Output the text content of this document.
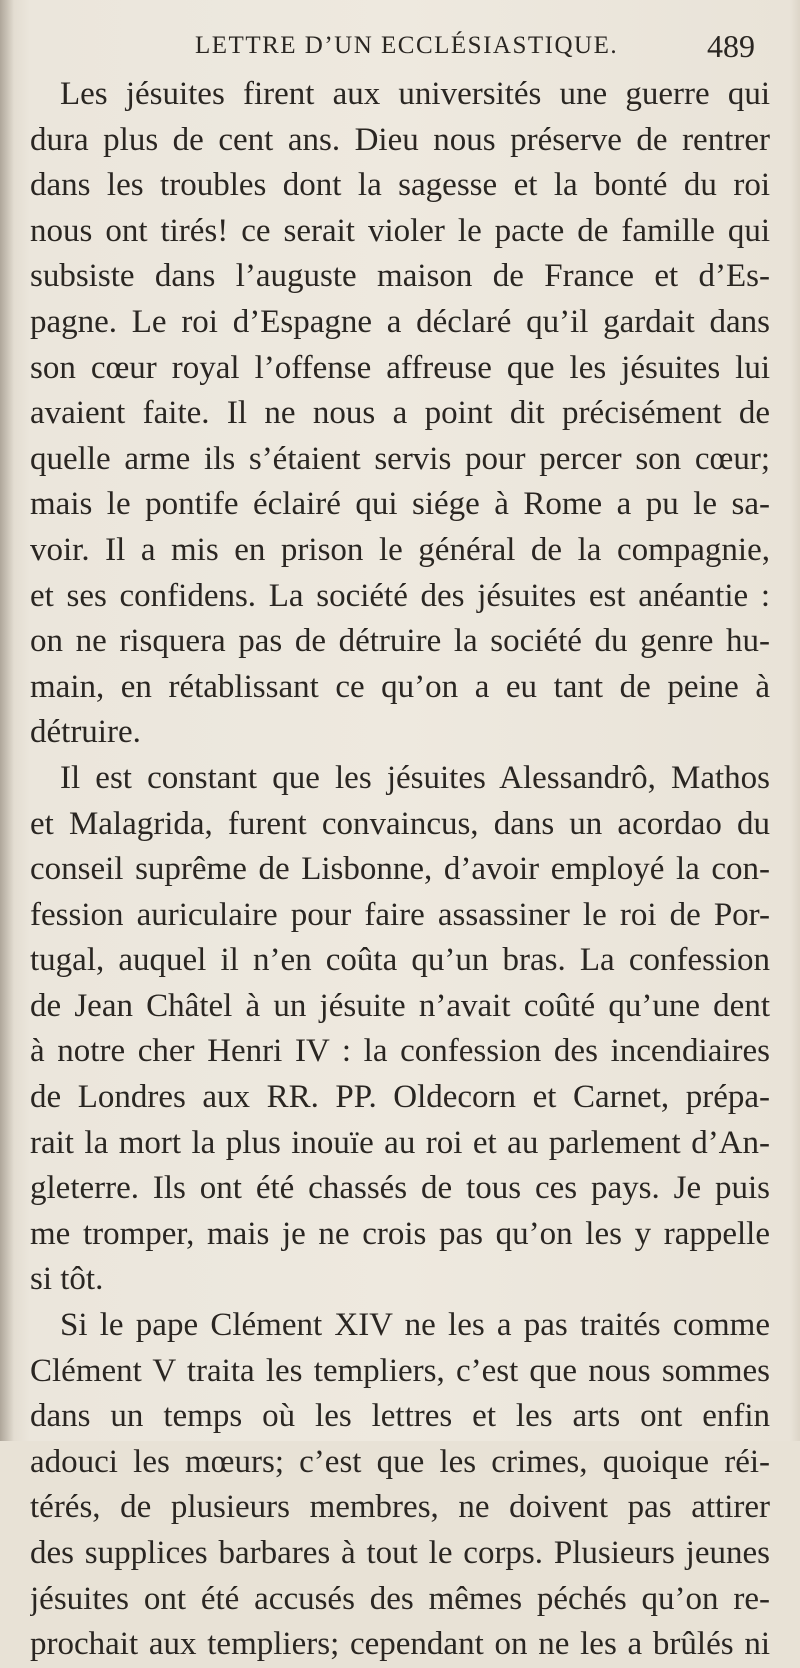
LETTRE D’UN ECCLÉSIASTIQUE.	489
Les jésuites firent aux universités une guerre qui
dura plus de cent ans. Dieu nous préserve de rentrer
dans les troubles dont la sagesse et la bonté du roi
nous ont tirés! ce serait violer le pacte de famille qui
subsiste dans l’auguste maison de France et d’Es-
pagne. Le roi d’Espagne a déclaré qu’il gardait dans
son cœur royal l’offense affreuse que les jésuites lui
avaient faite. Il ne nous a point dit précisément de
quelle arme ils s’étaient servis pour percer son cœur;
mais le pontife éclairé qui siége à Rome a pu le sa-
voir. Il a mis en prison le général de la compagnie,
et ses confidens. La société des jésuites est anéantie :
on ne risquera pas de détruire la société du genre hu-
main, en rétablissant ce qu’on a eu tant de peine à
détruire.
Il est constant que les jésuites Alessandrô, Mathos
et Malagrida, furent convaincus, dans un acordao du
conseil suprême de Lisbonne, d’avoir employé la con-
fession auriculaire pour faire assassiner le roi de Por-
tugal, auquel il n’en coûta qu’un bras. La confession
de Jean Châtel à un jésuite n’avait coûté qu’une dent
à notre cher Henri IV : la confession des incendiaires
de Londres aux RR. PP. Oldecorn et Carnet, prépa-
rait la mort la plus inouïe au roi et au parlement d’An-
gleterre. Ils ont été chassés de tous ces pays. Je puis
me tromper, mais je ne crois pas qu’on les y rappelle
si tôt.
Si le pape Clément XIV ne les a pas traités comme
Clément V traita les templiers, c’est que nous sommes
dans un temps où les lettres et les arts ont enfin
adouci les mœurs; c’est que les crimes, quoique réi-
térés, de plusieurs membres, ne doivent pas attirer
des supplices barbares à tout le corps. Plusieurs jeunes
jésuites ont été accusés des mêmes péchés qu’on re-
prochait aux templiers; cependant on ne les a brûlés ni
